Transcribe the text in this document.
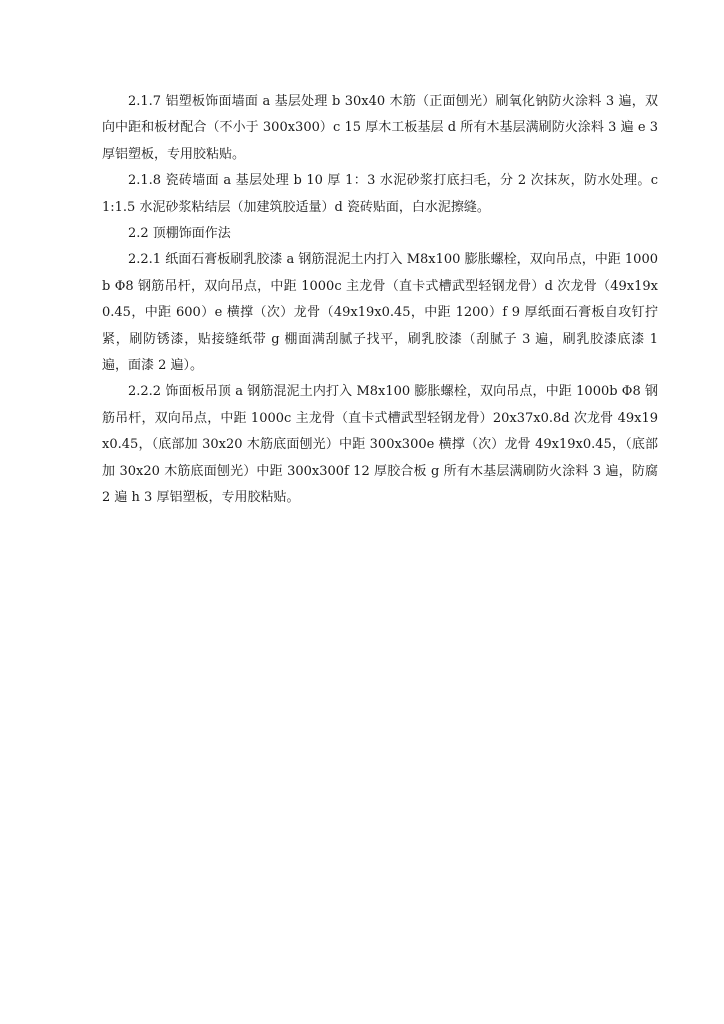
2.1.7 铝塑板饰面墙面 a 基层处理 b 30x40 木筋（正面刨光）刷氧化钠防火涂料 3 遍，双向中距和板材配合（不小于 300x300）c 15 厚木工板基层 d 所有木基层满刷防火涂料 3 遍 e 3 厚铝塑板，专用胶粘贴。

2.1.8 瓷砖墙面 a 基层处理 b 10 厚 1：3 水泥砂浆打底扫毛，分 2 次抹灰，防水处理。c 1:1.5 水泥砂浆粘结层（加建筑胶适量）d 瓷砖贴面，白水泥擦缝。

2.2 顶棚饰面作法

2.2.1 纸面石膏板刷乳胶漆 a 钢筋混泥土内打入 M8x100 膨胀螺栓，双向吊点，中距 1000b Φ8 钢筋吊杆，双向吊点，中距 1000c 主龙骨（直卡式槽武型轻钢龙骨）d 次龙骨（49x19x0.45，中距 600）e 横撑（次）龙骨（49x19x0.45，中距 1200）f 9 厚纸面石膏板自攻钉拧紧，刷防锈漆，贴接缝纸带 g 棚面满刮腻子找平，刷乳胶漆（刮腻子 3 遍，刷乳胶漆底漆 1 遍，面漆 2 遍）。

2.2.2 饰面板吊顶 a 钢筋混泥土内打入 M8x100 膨胀螺栓，双向吊点，中距 1000b Φ8 钢筋吊杆，双向吊点，中距 1000c 主龙骨（直卡式槽武型轻钢龙骨）20x37x0.8d 次龙骨 49x19x0.45，（底部加 30x20 木筋底面刨光）中距 300x300e 横撑（次）龙骨 49x19x0.45，（底部加 30x20 木筋底面刨光）中距 300x300f 12 厚胶合板 g 所有木基层满刷防火涂料 3 遍，防腐 2 遍 h 3 厚铝塑板，专用胶粘贴。
